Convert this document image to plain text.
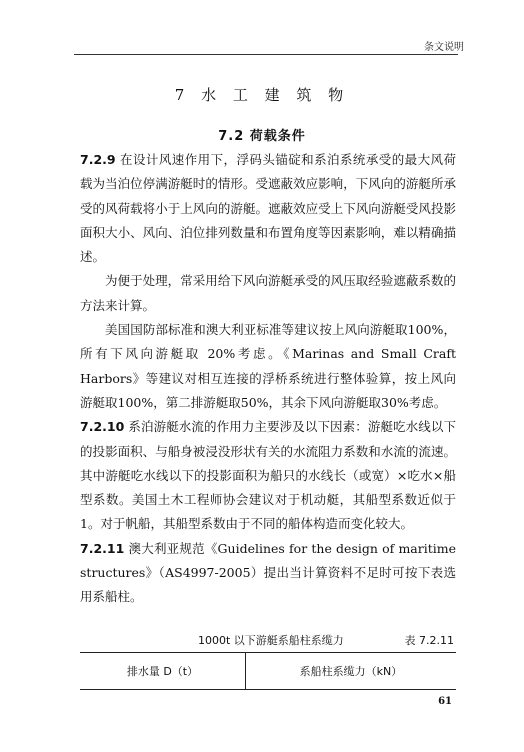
条文说明
7 水 工 建 筑 物
7.2 荷载条件

7.2.9 在设计风速作用下，浮码头锚碇和系泊系统承受的最大风荷载为当泊位停满游艇时的情形。受遮蔽效应影响，下风向的游艇所承受的风荷载将小于上风向的游艇。遮蔽效应受上下风向游艇受风投影面积大小、风向、泊位排列数量和布置角度等因素影响，难以精确描述。

为便于处理，常采用给下风向游艇承受的风压取经验遮蔽系数的方法来计算。

美国国防部标准和澳大利亚标准等建议按上风向游艇取100%，所有下风向游艇取 20%考虑。《Marinas and Small Craft Harbors》等建议对相互连接的浮桥系统进行整体验算，按上风向游艇取100%，第二排游艇取50%，其余下风向游艇取30%考虑。

7.2.10 系泊游艇水流的作用力主要涉及以下因素：游艇吃水线以下的投影面积、与船身被浸没形状有关的水流阻力系数和水流的流速。其中游艇吃水线以下的投影面积为船只的水线长（或宽）×吃水×船型系数。美国土木工程师协会建议对于机动艇，其船型系数近似于 1。对于帆船，其船型系数由于不同的船体构造而变化较大。

7.2.11 澳大利亚规范《Guidelines for the design of maritime structures》（AS4997-2005）提出当计算资料不足时可按下表选用系船柱。

1000t 以下游艇系船柱系缆力	表 7.2.11
排水量 D（t）	系船柱系缆力（kN）
61
